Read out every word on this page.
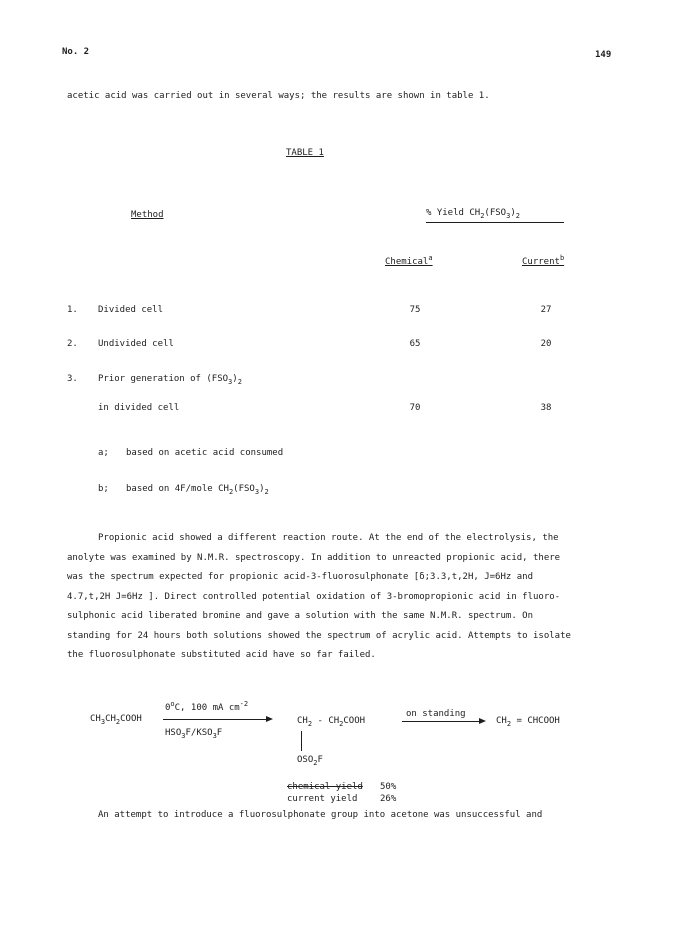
No. 2	149
acetic acid was carried out in several ways; the results are shown in table 1.
TABLE 1
Method	% Yield $CH_2(FSO_3)_2$
Chemical$^a$	Current$^b$
1. Divided cell	75	27
2. Undivided cell	65	20
3. Prior generation of $(FSO_3)_2$
in divided cell	70	38
a; based on acetic acid consumed
b; based on 4F/mole $CH_2(FSO_3)_2$
Propionic acid showed a different reaction route. At the end of the electrolysis, the
anolyte was examined by N.M.R. spectroscopy. In addition to unreacted propionic acid, there
was the spectrum expected for propionic acid-3-fluorosulphonate [δ;3.3,t,2H, J=6Hz and
4.7,t,2H J=6Hz ]. Direct controlled potential oxidation of 3-bromopropionic acid in fluoro-
sulphonic acid liberated bromine and gave a solution with the same N.M.R. spectrum. On
standing for 24 hours both solutions showed the spectrum of acrylic acid. Attempts to isolate
the fluorosulphonate substituted acid have so far failed.
$CH_3CH_2COOH$
0$^o$C, 100 mA $cm^{-2}$
$HSO_3F/KSO_3F$
$CH_2$ - $CH_2COOH$
$OSO_2F$
on standing
$CH_2$ = CHCOOH
chemical yield 50%
current yield	26%
An attempt to introduce a fluorosulphonate group into acetone was unsuccessful and
